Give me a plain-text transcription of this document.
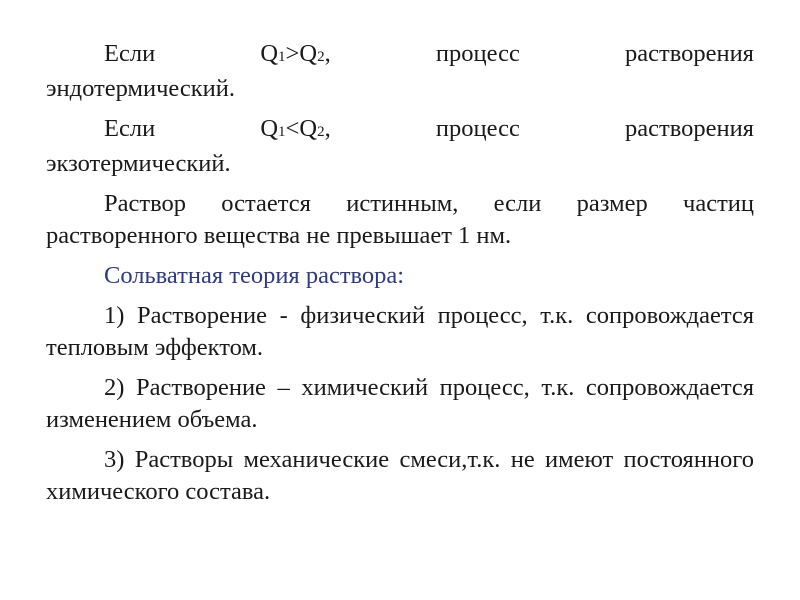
Если	Q1>Q2,	процесс	растворения

эндотермический.

Если	Q1<Q2,	процесс	растворения

экзотермический.

Раствор остается истинным, если размер частиц растворенного вещества не превышает 1 нм.

Сольватная теория раствора:

1) Растворение - физический процесс, т.к. сопровождается тепловым эффектом.

2) Растворение – химический процесс, т.к. сопровождается изменением объема.

3) Растворы механические смеси,т.к. не имеют постоянного химического состава.
